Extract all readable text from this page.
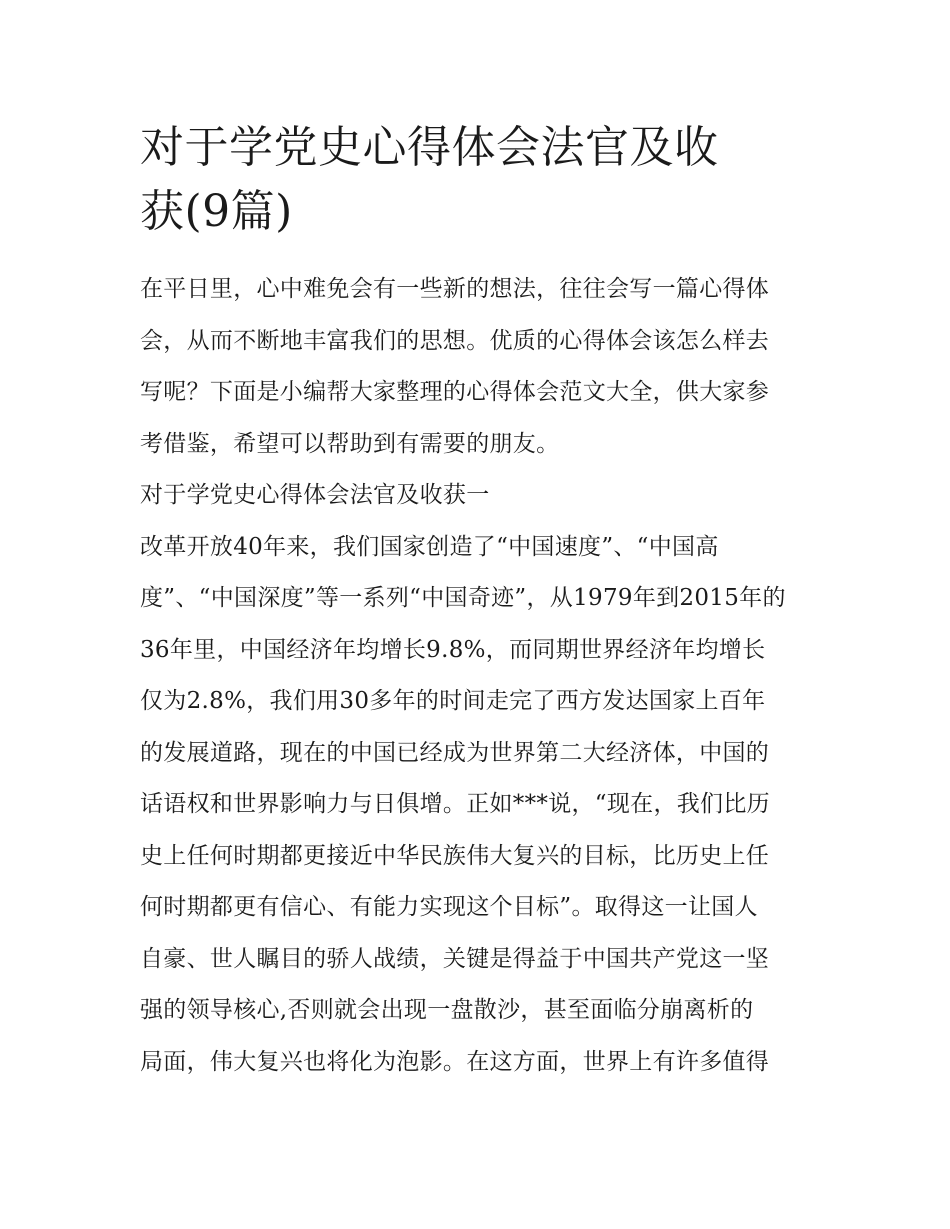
对于学党史心得体会法官及收
获(9篇)
在平日里，心中难免会有一些新的想法，往往会写一篇心得体
会，从而不断地丰富我们的思想。优质的心得体会该怎么样去
写呢？下面是小编帮大家整理的心得体会范文大全，供大家参
考借鉴，希望可以帮助到有需要的朋友。
对于学党史心得体会法官及收获一
改革开放40年来，我们国家创造了“中国速度”、“中国高
度”、“中国深度”等一系列“中国奇迹”，从1979年到2015年的
36年里，中国经济年均增长9.8%，而同期世界经济年均增长
仅为2.8%，我们用30多年的时间走完了西方发达国家上百年
的发展道路，现在的中国已经成为世界第二大经济体，中国的
话语权和世界影响力与日俱增。正如***说，“现在，我们比历
史上任何时期都更接近中华民族伟大复兴的目标，比历史上任
何时期都更有信心、有能力实现这个目标”。取得这一让国人
自豪、世人瞩目的骄人战绩，关键是得益于中国共产党这一坚
强的领导核心,否则就会出现一盘散沙，甚至面临分崩离析的
局面，伟大复兴也将化为泡影。在这方面，世界上有许多值得
